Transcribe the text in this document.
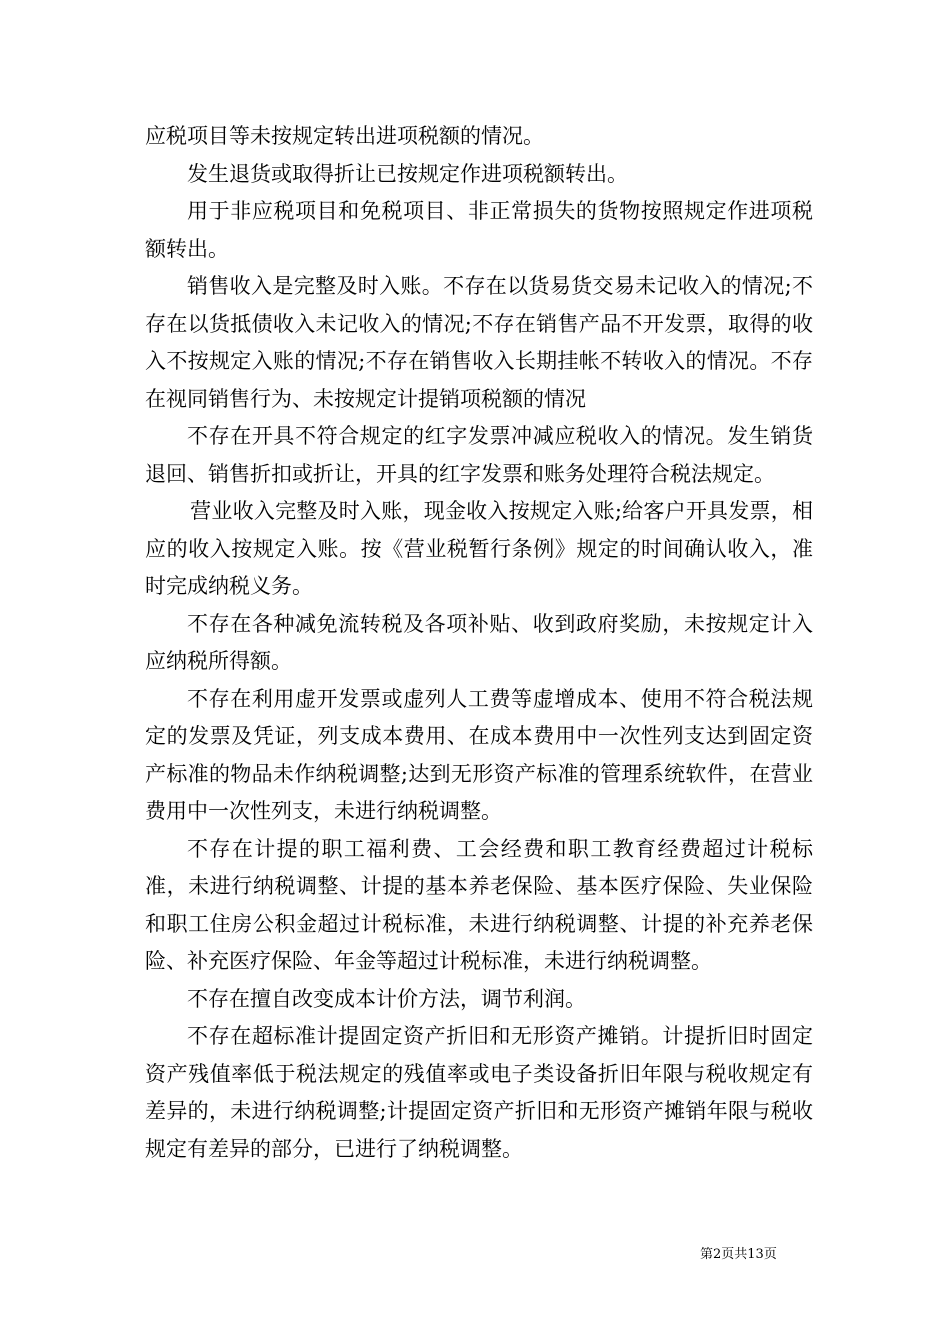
应税项目等未按规定转出进项税额的情况。

发生退货或取得折让已按规定作进项税额转出。

用于非应税项目和免税项目、非正常损失的货物按照规定作进项税额转出。

销售收入是完整及时入账。不存在以货易货交易未记收入的情况;不存在以货抵债收入未记收入的情况;不存在销售产品不开发票，取得的收入不按规定入账的情况;不存在销售收入长期挂帐不转收入的情况。不存在视同销售行为、未按规定计提销项税额的情况

不存在开具不符合规定的红字发票冲减应税收入的情况。发生销货退回、销售折扣或折让，开具的红字发票和账务处理符合税法规定。

营业收入完整及时入账，现金收入按规定入账;给客户开具发票，相应的收入按规定入账。按《营业税暂行条例》规定的时间确认收入，准时完成纳税义务。

不存在各种减免流转税及各项补贴、收到政府奖励，未按规定计入应纳税所得额。

不存在利用虚开发票或虚列人工费等虚增成本、使用不符合税法规定的发票及凭证，列支成本费用、在成本费用中一次性列支达到固定资产标准的物品未作纳税调整;达到无形资产标准的管理系统软件，在营业费用中一次性列支，未进行纳税调整。

不存在计提的职工福利费、工会经费和职工教育经费超过计税标准，未进行纳税调整、计提的基本养老保险、基本医疗保险、失业保险和职工住房公积金超过计税标准，未进行纳税调整、计提的补充养老保险、补充医疗保险、年金等超过计税标准，未进行纳税调整。

不存在擅自改变成本计价方法，调节利润。

不存在超标准计提固定资产折旧和无形资产摊销。计提折旧时固定资产残值率低于税法规定的残值率或电子类设备折旧年限与税收规定有差异的，未进行纳税调整;计提固定资产折旧和无形资产摊销年限与税收规定有差异的部分，已进行了纳税调整。

第2页共13页
